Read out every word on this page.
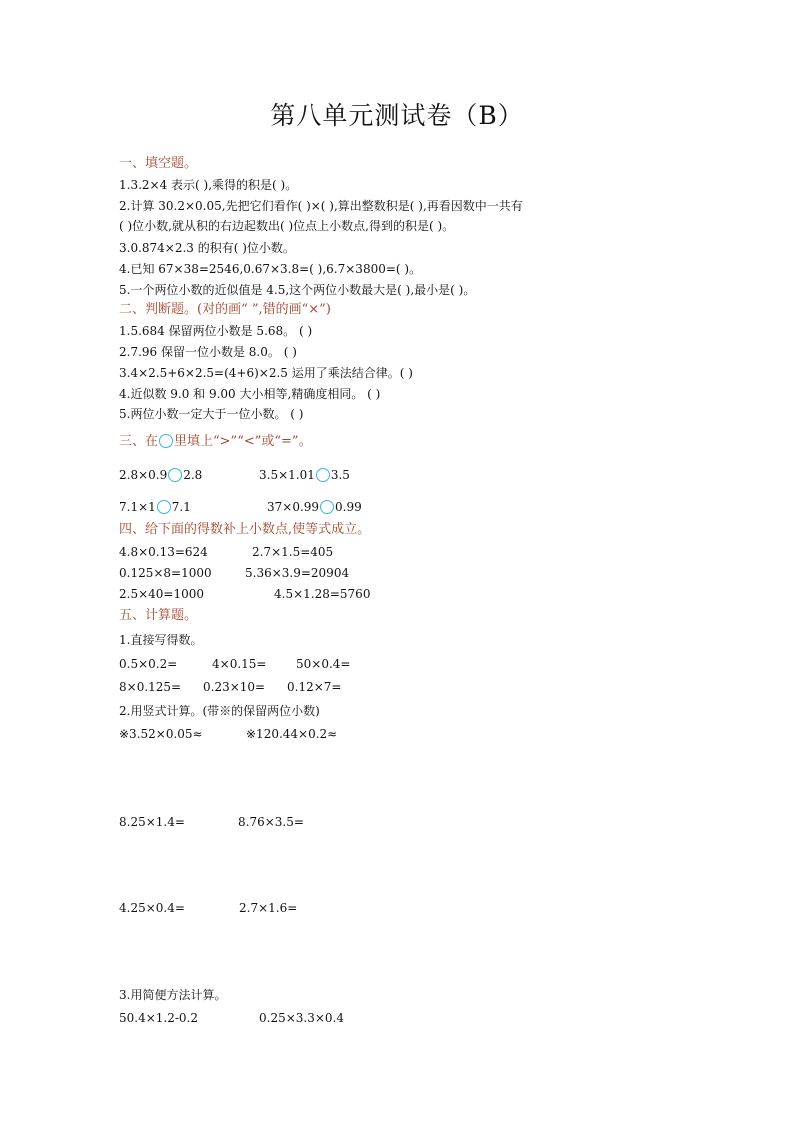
第八单元测试卷（B）
一、填空题。
1.3.2×4 表示( ),乘得的积是( )。
2.计算 30.2×0.05,先把它们看作( )×( ),算出整数积是( ),再看因数中一共有
( )位小数,就从积的右边起数出( )位点上小数点,得到的积是( )。
3.0.874×2.3 的积有( )位小数。
4.已知 67×38=2546,0.67×3.8=( ),6.7×3800=( )。
5.一个两位小数的近似值是 4.5,这个两位小数最大是( ),最小是( )。
二、判断题。(对的画“ ”,错的画“×”)
1.5.684 保留两位小数是 5.68。 ( )
2.7.96 保留一位小数是 8.0。 ( )
3.4×2.5+6×2.5=(4+6)×2.5 运用了乘法结合律。( )
4.近似数 9.0 和 9.00 大小相等,精确度相同。 ( )
5.两位小数一定大于一位小数。 ( )
三、在 里填上“>”“<”或“=”。
2.8×0.9 2.8	3.5×1.01 3.5
7.1×1 7.1	37×0.99 0.99
四、给下面的得数补上小数点,使等式成立。
4.8×0.13=624	2.7×1.5=405
0.125×8=1000	5.36×3.9=20904
2.5×40=1000	4.5×1.28=5760
五、计算题。
1.直接写得数。
0.5×0.2=	4×0.15= 50×0.4=
8×0.125= 0.23×10= 0.12×7=
2.用竖式计算。(带※的保留两位小数)
※3.52×0.05≈	※120.44×0.2≈
8.25×1.4=	8.76×3.5=
4.25×0.4=	2.7×1.6=
3.用简便方法计算。
50.4×1.2-0.2	0.25×3.3×0.4
